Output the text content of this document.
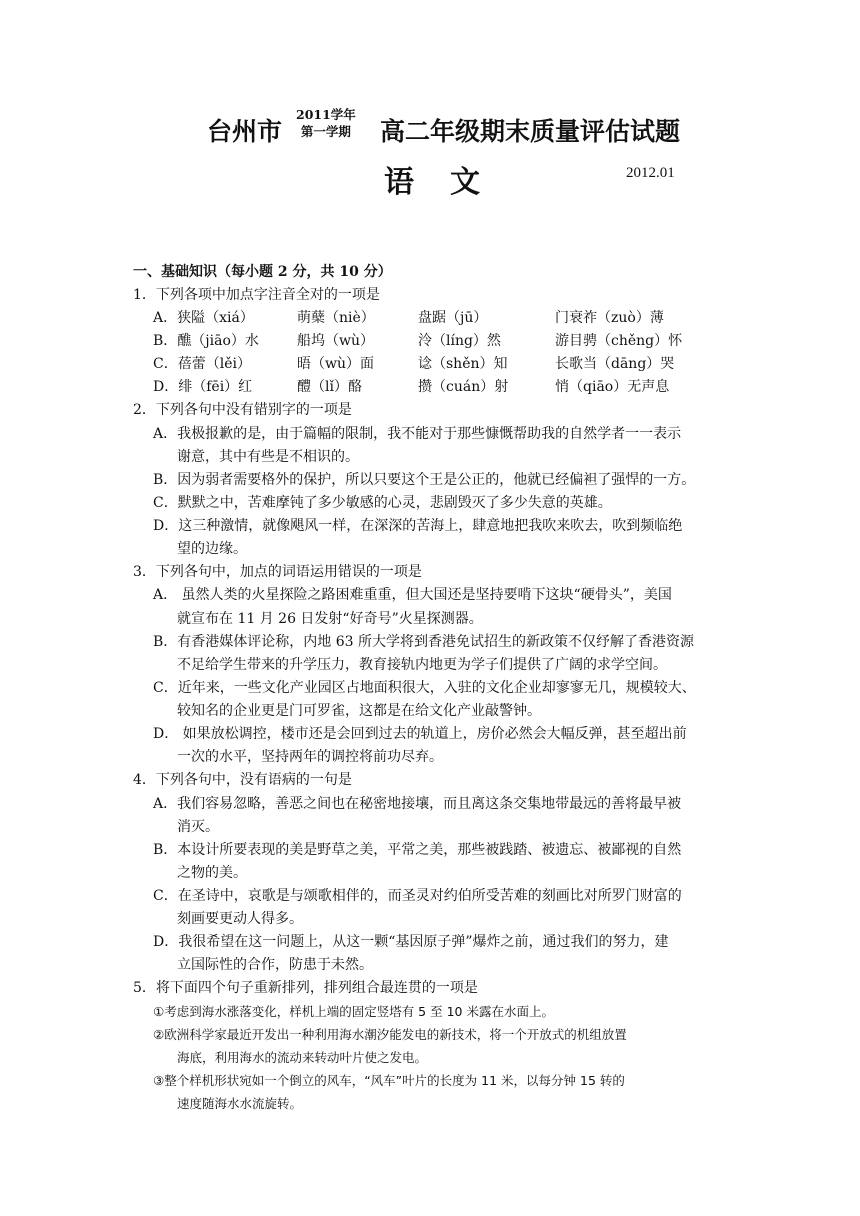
台州市
2011学年
第一学期 高二年级期末质量评估试题
语文	2012.01
一、基础知识（每小题 2 分，共 10 分）
1．下列各项中加点字注音全对的一项是
A．狭隘（xiá）	萌蘖（niè）	盘踞（jū）	门衰祚（zuò）薄
B．醮（jiāo）水	船坞（wù）	泠（líng）然	游目骋（chěng）怀
C．蓓蕾（lěi）	晤（wù）面	谂（shěn）知	长歌当（dāng）哭
D．绯（fēi）红	醴（lǐ）酪	攒（cuán）射	悄（qiāo）无声息
2．下列各句中没有错别字的一项是
A．我极报歉的是，由于篇幅的限制，我不能对于那些慷慨帮助我的自然学者一一表示
谢意，其中有些是不相识的。
B．因为弱者需要格外的保护，所以只要这个王是公正的，他就已经偏袒了强悍的一方。
C．默默之中，苦难摩钝了多少敏感的心灵，悲剧毁灭了多少失意的英雄。
D．这三种激情，就像飓风一样，在深深的苦海上，肆意地把我吹来吹去，吹到频临绝
望的边缘。
3．下列各句中，加点的词语运用错误的一项是
A． 虽然人类的火星探险之路困难重重，但大国还是坚持要啃下这块“硬骨头”，美国
就宣布在 11 月 26 日发射“好奇号”火星探测器。
B．有香港媒体评论称，内地 63 所大学将到香港免试招生的新政策不仅纾解了香港资源
不足给学生带来的升学压力，教育接轨内地更为学子们提供了广阔的求学空间。
C．近年来，一些文化产业园区占地面积很大，入驻的文化企业却寥寥无几，规模较大、
较知名的企业更是门可罗雀，这都是在给文化产业敲警钟。
D． 如果放松调控，楼市还是会回到过去的轨道上，房价必然会大幅反弹，甚至超出前
一次的水平，坚持两年的调控将前功尽弃。
4．下列各句中，没有语病的一句是
A．我们容易忽略，善恶之间也在秘密地接壤，而且离这条交集地带最远的善将最早被
消灭。
B．本设计所要表现的美是野草之美，平常之美，那些被践踏、被遗忘、被鄙视的自然
之物的美。
C．在圣诗中，哀歌是与颂歌相伴的，而圣灵对约伯所受苦难的刻画比对所罗门财富的
刻画要更动人得多。
D．我很希望在这一问题上，从这一颗“基因原子弹”爆炸之前，通过我们的努力，建
立国际性的合作，防患于未然。
5．将下面四个句子重新排列，排列组合最连贯的一项是
①考虑到海水涨落变化，样机上端的固定竖塔有 5 至 10 米露在水面上。
②欧洲科学家最近开发出一种利用海水潮汐能发电的新技术，将一个开放式的机组放置
海底，利用海水的流动来转动叶片使之发电。
③整个样机形状宛如一个倒立的风车，“风车”叶片的长度为 11 米，以每分钟 15 转的
速度随海水水流旋转。
